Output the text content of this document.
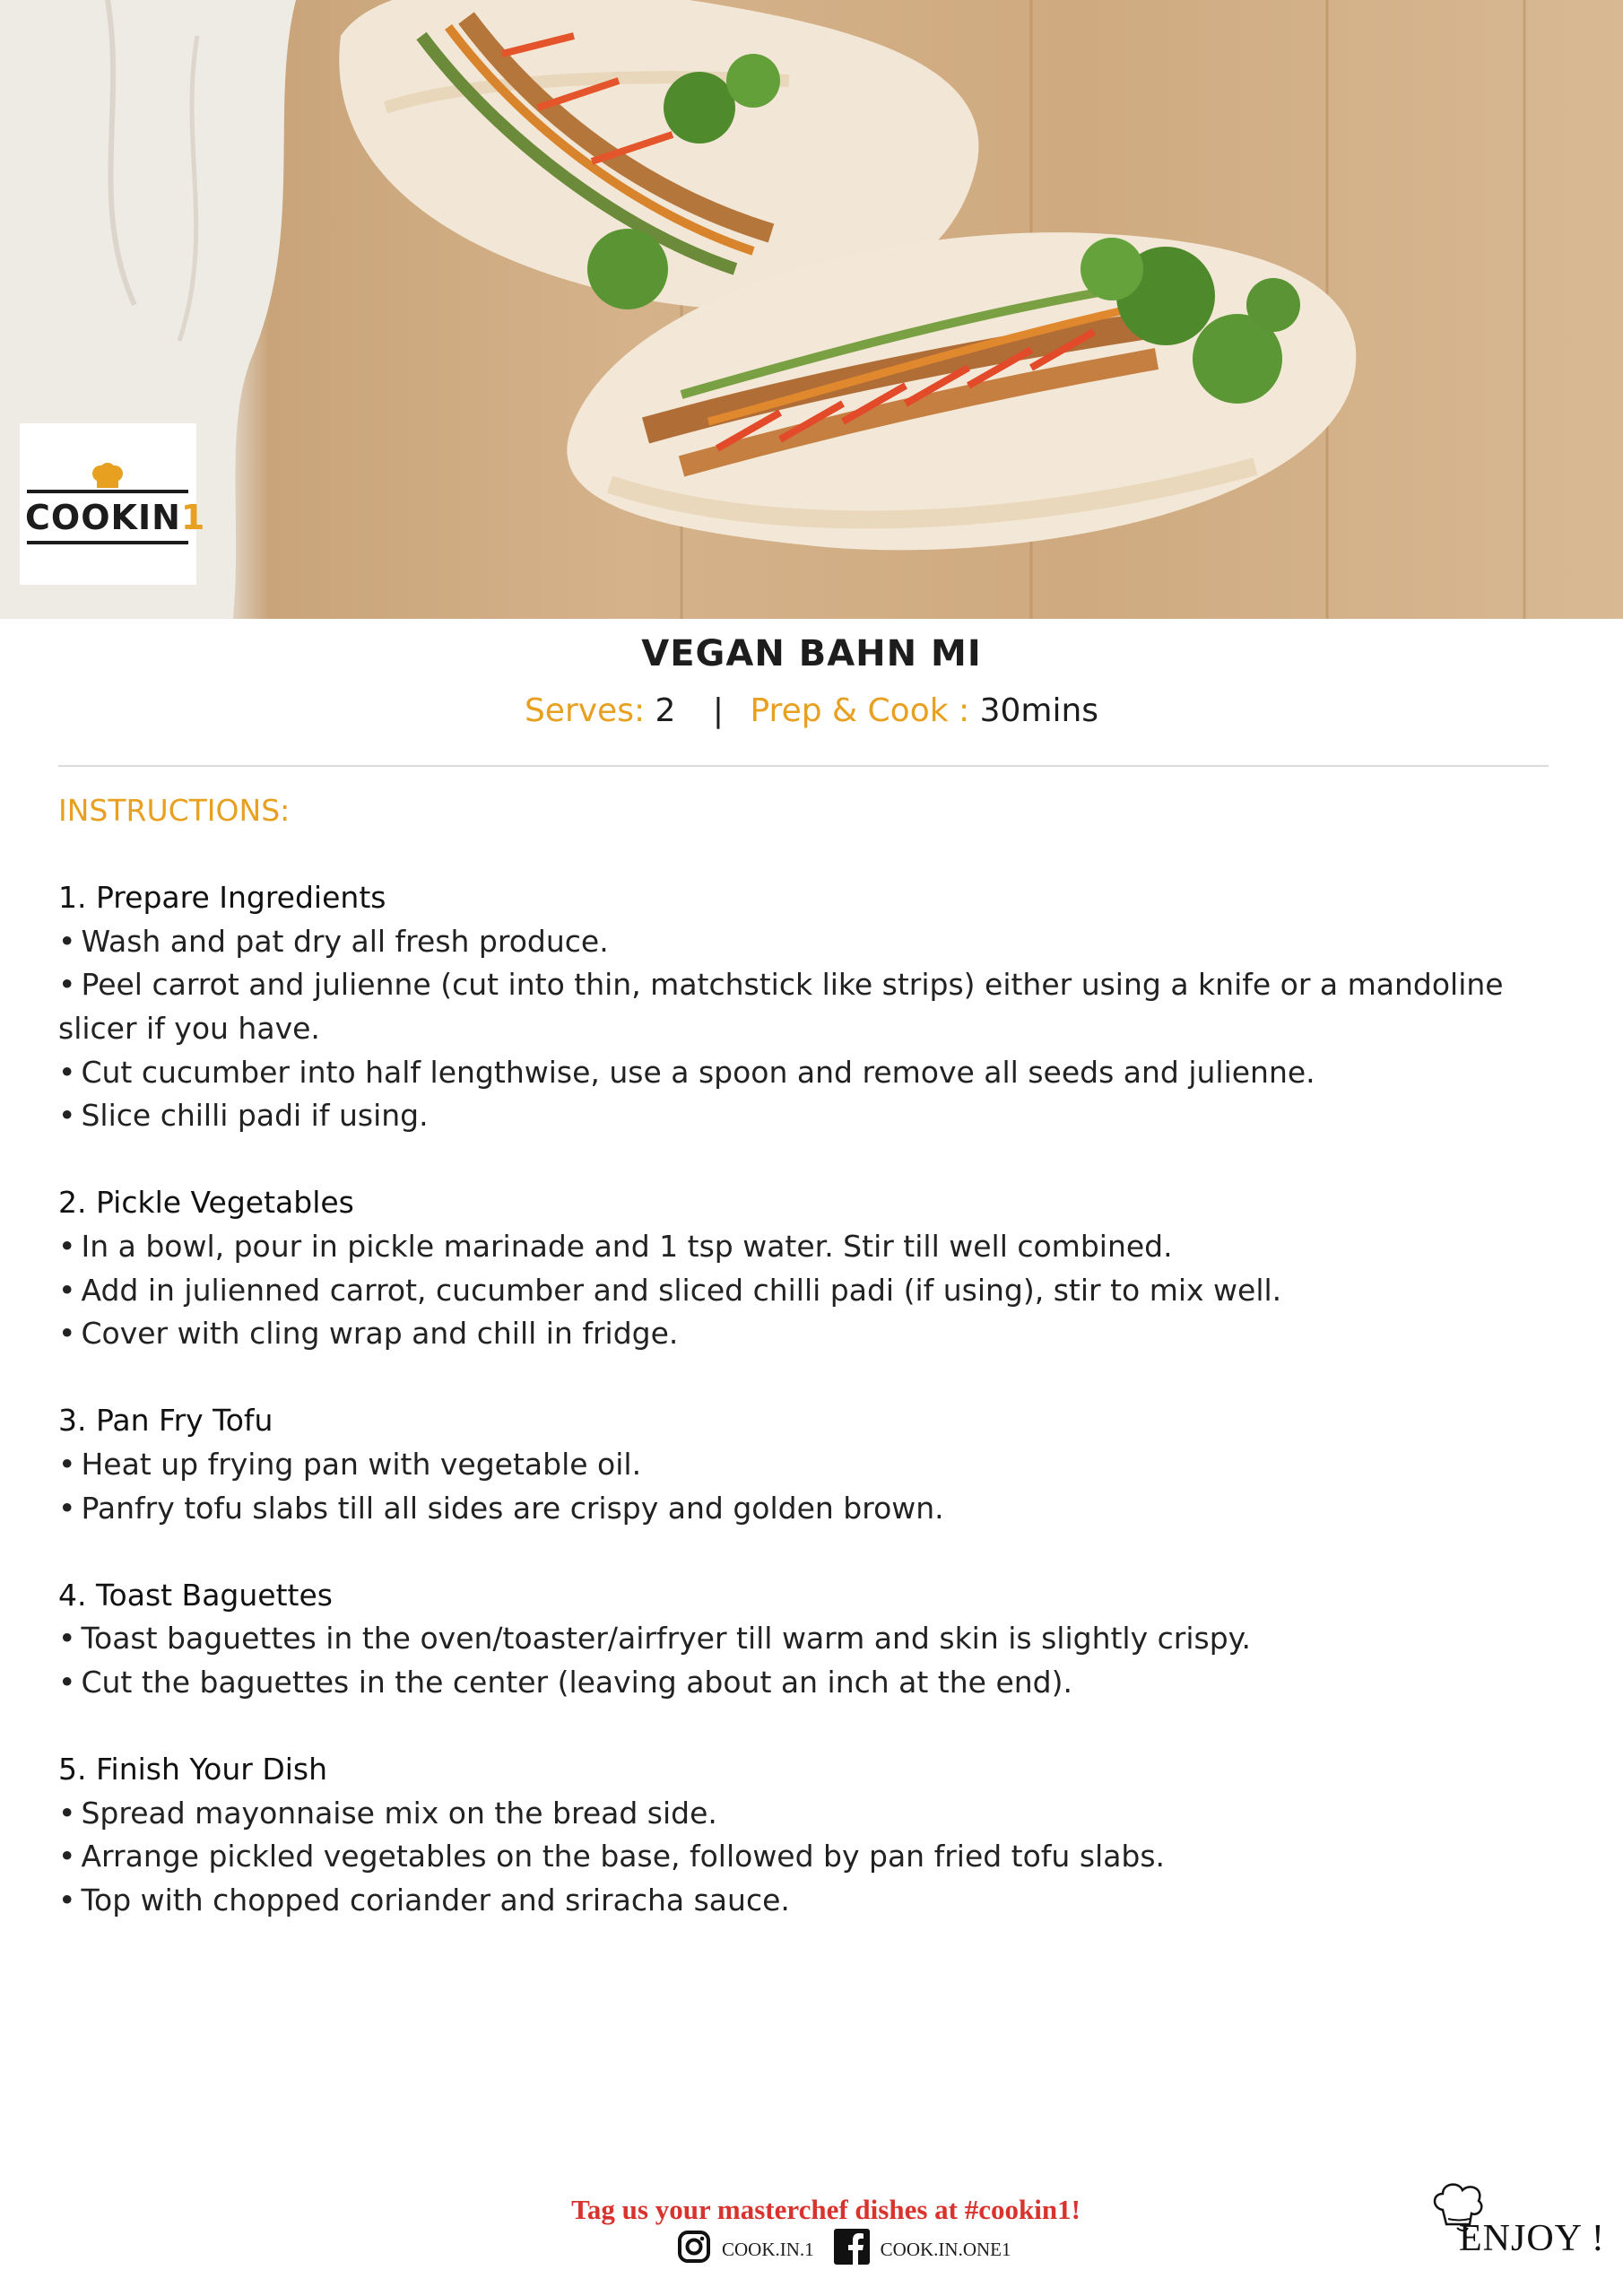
COOKIN1
VEGAN BAHN MI
Serves: 2 | Prep & Cook : 30mins
INSTRUCTIONS:
1. Prepare Ingredients
• Wash and pat dry all fresh produce.
• Peel carrot and julienne (cut into thin, matchstick like strips) either using a knife or a mandoline
slicer if you have.
• Cut cucumber into half lengthwise, use a spoon and remove all seeds and julienne.
• Slice chilli padi if using.
2. Pickle Vegetables
• In a bowl, pour in pickle marinade and 1 tsp water. Stir till well combined.
• Add in julienned carrot, cucumber and sliced chilli padi (if using), stir to mix well.
• Cover with cling wrap and chill in fridge.
3. Pan Fry Tofu
• Heat up frying pan with vegetable oil.
• Panfry tofu slabs till all sides are crispy and golden brown.
4. Toast Baguettes
• Toast baguettes in the oven/toaster/airfryer till warm and skin is slightly crispy.
• Cut the baguettes in the center (leaving about an inch at the end).
5. Finish Your Dish
• Spread mayonnaise mix on the bread side.
• Arrange pickled vegetables on the base, followed by pan fried tofu slabs.
• Top with chopped coriander and sriracha sauce.
Tag us your masterchef dishes at #cookin1!
COOK.IN.1	COOK.IN.ONE1	ENJOY !
